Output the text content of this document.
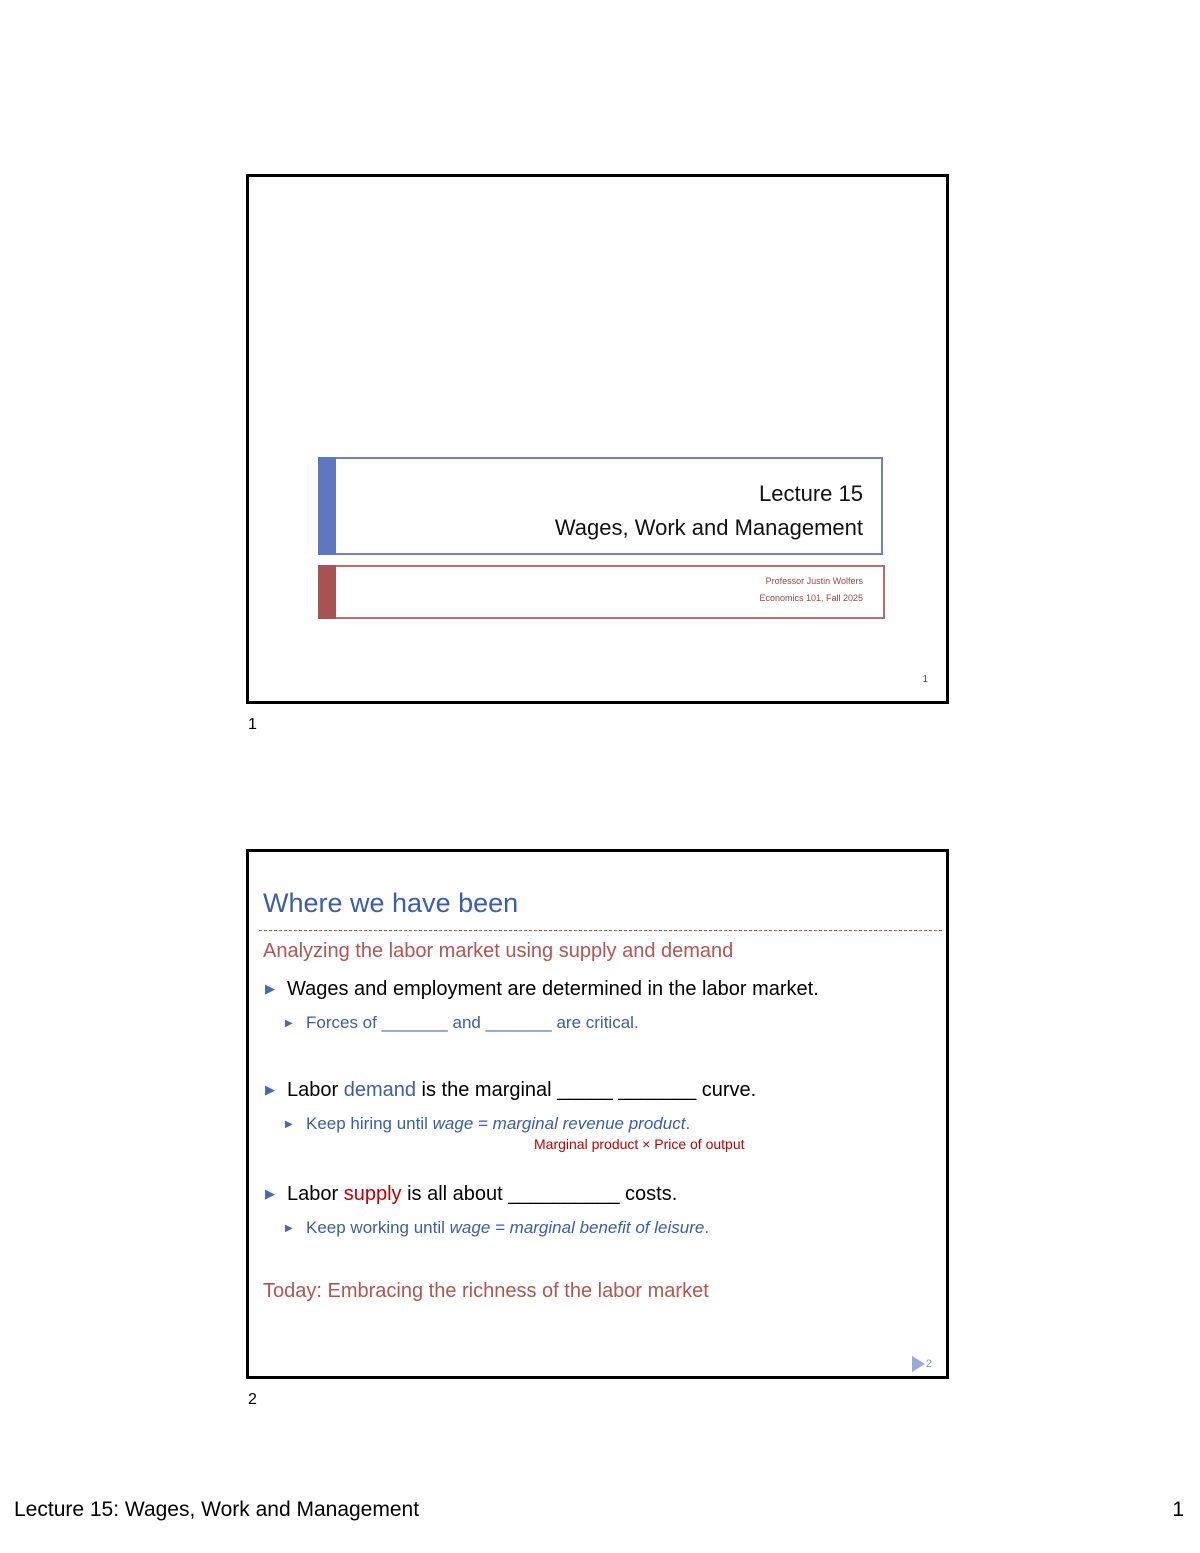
Lecture 15
Wages, Work and Management
Professor Justin Wolfers
Economics 101, Fall 2025
1
1
Where we have been
Analyzing the labor market using supply and demand
▶ Wages and employment are determined in the labor market.
▶ Forces of _______ and _______ are critical.
▶ Labor demand is the marginal _____ _______ curve.
▶ Keep hiring until wage = marginal revenue product.
Marginal product × Price of output
▶ Labor supply is all about __________ costs.
▶ Keep working until wage = marginal benefit of leisure.
Today: Embracing the richness of the labor market
2
2
Lecture 15: Wages, Work and Management	1
